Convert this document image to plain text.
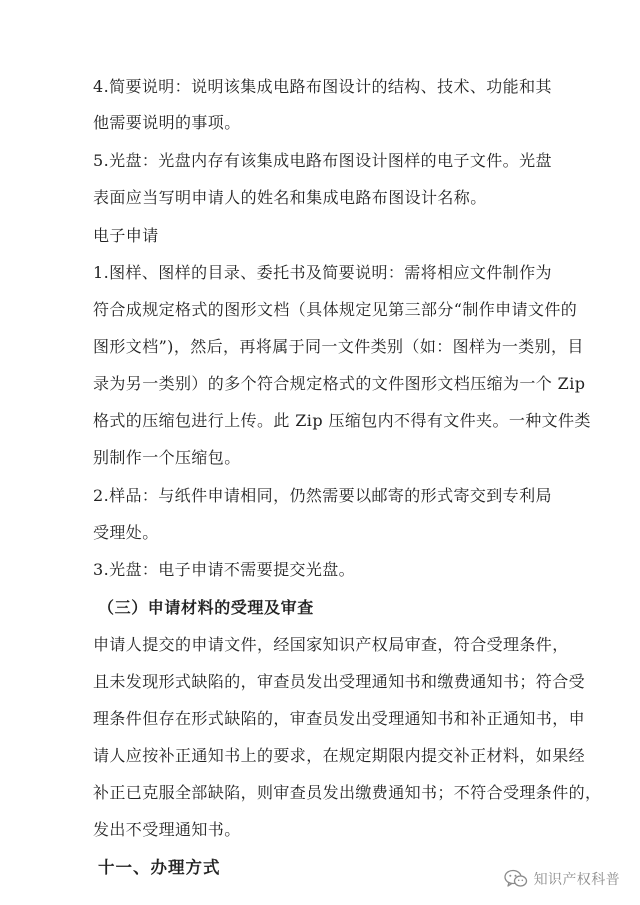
4.简要说明：说明该集成电路布图设计的结构、技术、功能和其
他需要说明的事项。
5.光盘：光盘内存有该集成电路布图设计图样的电子文件。光盘
表面应当写明申请人的姓名和集成电路布图设计名称。
电子申请
1.图样、图样的目录、委托书及简要说明：需将相应文件制作为
符合成规定格式的图形文档（具体规定见第三部分“制作申请文件的
图形文档”)，然后，再将属于同一文件类别（如：图样为一类别，目
录为另一类别）的多个符合规定格式的文件图形文档压缩为一个 Zip
格式的压缩包进行上传。此 Zip 压缩包内不得有文件夹。一种文件类
别制作一个压缩包。
2.样品：与纸件申请相同，仍然需要以邮寄的形式寄交到专利局
受理处。
3.光盘：电子申请不需要提交光盘。
（三）申请材料的受理及审查
申请人提交的申请文件，经国家知识产权局审查，符合受理条件，
且未发现形式缺陷的，审查员发出受理通知书和缴费通知书；符合受
理条件但存在形式缺陷的，审查员发出受理通知书和补正通知书，申
请人应按补正通知书上的要求，在规定期限内提交补正材料，如果经
补正已克服全部缺陷，则审查员发出缴费通知书；不符合受理条件的，
发出不受理通知书。
十一、办理方式
知识产权科普
